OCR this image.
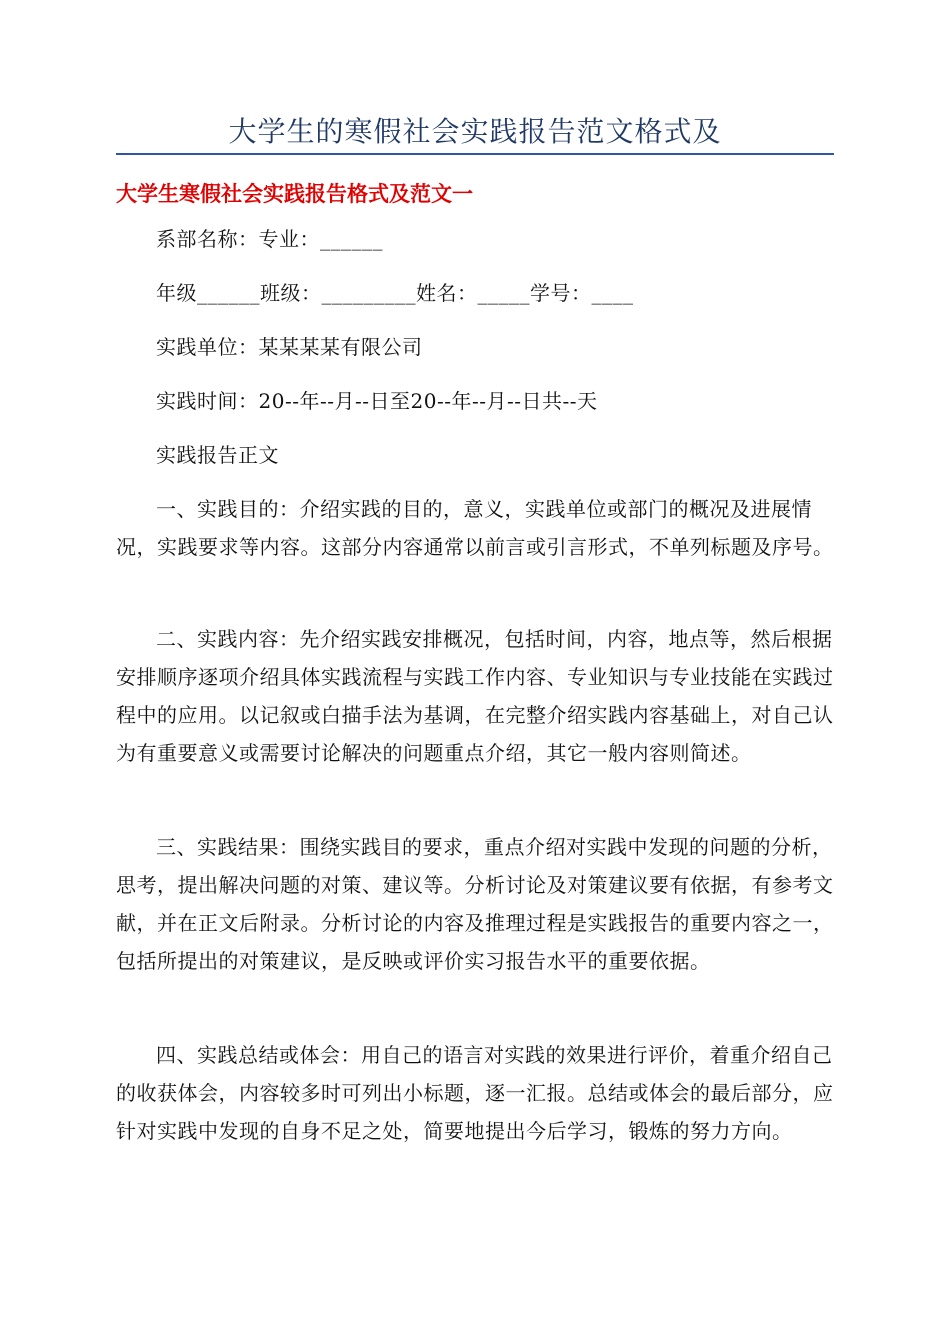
大学生的寒假社会实践报告范文格式及
大学生寒假社会实践报告格式及范文一

系部名称：专业：______

年级______班级：_________姓名：_____学号：____

实践单位：某某某某有限公司

实践时间：20--年--月--日至20--年--月--日共--天

实践报告正文

一、实践目的：介绍实践的目的，意义，实践单位或部门的概况及进展情况，实践要求等内容。这部分内容通常以前言或引言形式，不单列标题及序号。

二、实践内容：先介绍实践安排概况，包括时间，内容，地点等，然后根据安排顺序逐项介绍具体实践流程与实践工作内容、专业知识与专业技能在实践过程中的应用。以记叙或白描手法为基调，在完整介绍实践内容基础上，对自己认为有重要意义或需要讨论解决的问题重点介绍，其它一般内容则简述。

三、实践结果：围绕实践目的要求，重点介绍对实践中发现的问题的分析，思考，提出解决问题的对策、建议等。分析讨论及对策建议要有依据，有参考文献，并在正文后附录。分析讨论的内容及推理过程是实践报告的重要内容之一，包括所提出的对策建议，是反映或评价实习报告水平的重要依据。

四、实践总结或体会：用自己的语言对实践的效果进行评价，着重介绍自己的收获体会，内容较多时可列出小标题，逐一汇报。总结或体会的最后部分，应针对实践中发现的自身不足之处，简要地提出今后学习，锻炼的努力方向。
